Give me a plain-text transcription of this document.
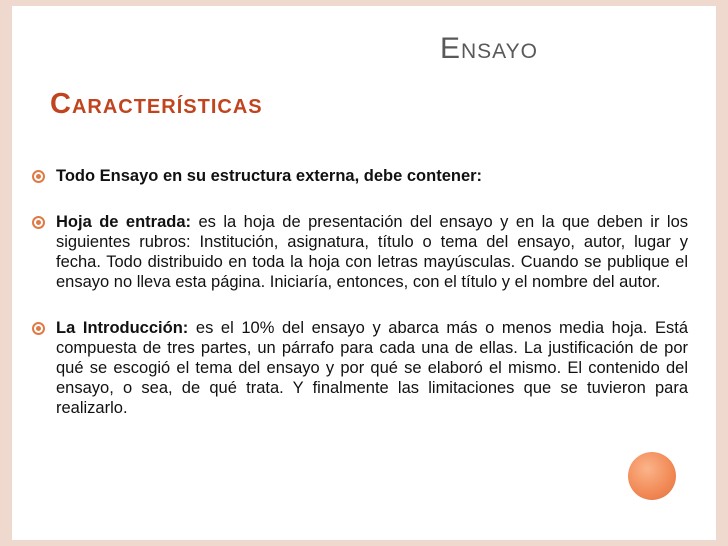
Ensayo
Características
Todo Ensayo en su estructura externa, debe contener:
Hoja de entrada: es la hoja de presentación del ensayo y en la que deben ir los siguientes rubros: Institución, asignatura, título o tema del ensayo, autor, lugar y fecha. Todo distribuido en toda la hoja con letras mayúsculas. Cuando se publique el ensayo no lleva esta página. Iniciaría, entonces, con el título y el nombre del autor.
La Introducción: es el 10% del ensayo y abarca más o menos media hoja. Está compuesta de tres partes, un párrafo para cada una de ellas. La justificación de por qué se escogió el tema del ensayo y por qué se elaboró el mismo. El contenido del ensayo, o sea, de qué trata. Y finalmente las limitaciones que se tuvieron para realizarlo.
